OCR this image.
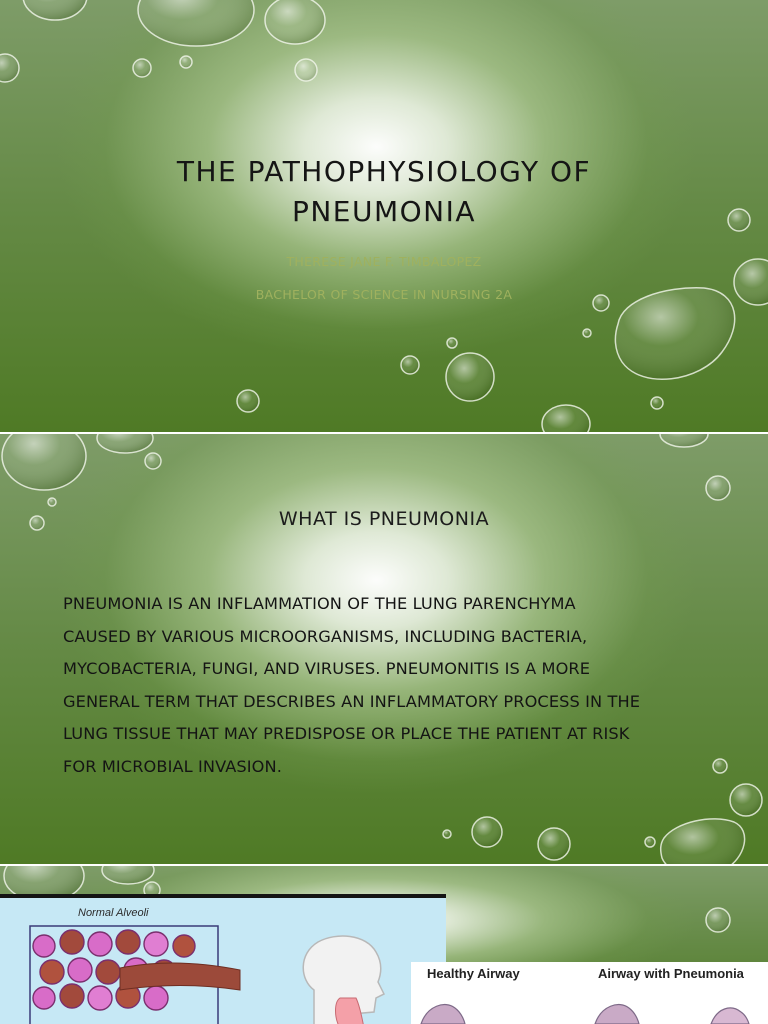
THE PATHOPHYSIOLOGY OF
PNEUMONIA
THERESE JANE F. TIMBALOPEZ
BACHELOR OF SCIENCE IN NURSING 2A
WHAT IS PNEUMONIA

PNEUMONIA IS AN INFLAMMATION OF THE LUNG PARENCHYMA
CAUSED BY VARIOUS MICROORGANISMS, INCLUDING BACTERIA,
MYCOBACTERIA, FUNGI, AND VIRUSES. PNEUMONITIS IS A MORE
GENERAL TERM THAT DESCRIBES AN INFLAMMATORY PROCESS IN THE
LUNG TISSUE THAT MAY PREDISPOSE OR PLACE THE PATIENT AT RISK
FOR MICROBIAL INVASION.

Normal Alveoli
Healthy Airway	Airway with Pneumonia
